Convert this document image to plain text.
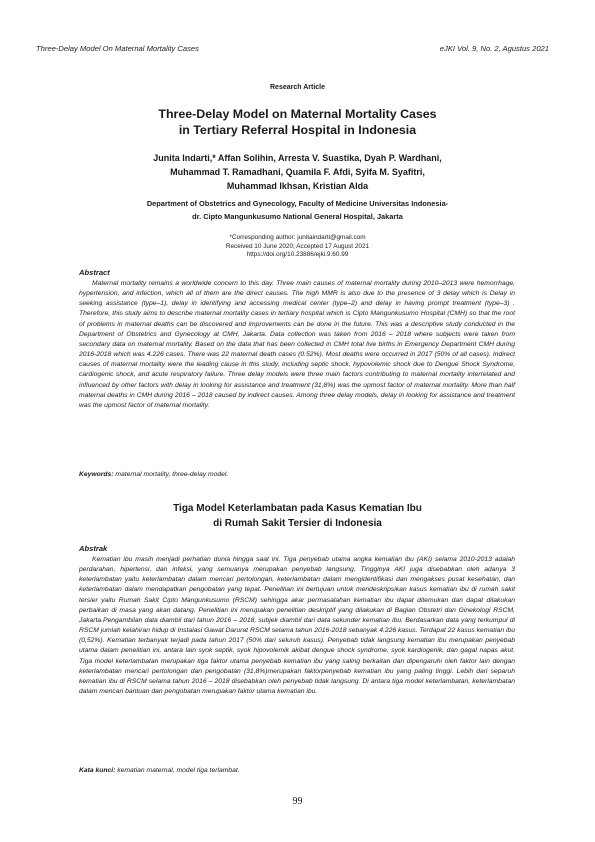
Three-Delay Model On Maternal Mortality Cases	eJKI Vol. 9, No. 2, Agustus 2021
Research Article
Three-Delay Model on Maternal Mortality Cases
in Tertiary Referral Hospital in Indonesia
Junita Indarti,* Affan Solihin, Arresta V. Suastika, Dyah P. Wardhani,
Muhammad T. Ramadhani, Quamila F. Afdi, Syifa M. Syafitri,
Muhammad Ikhsan, Kristian Alda
Department of Obstetrics and Gynecology, Faculty of Medicine Universitas Indonesia-
dr. Cipto Mangunkusumo National General Hospital, Jakarta
*Corresponding author: junitaindarti@gmail.com
Received 10 June 2020; Accepted 17 August 2021
https://doi.org/10.23886/ejki.9.60.99
Abstract

Maternal mortality remains a worldwide concern to this day. Three main causes of maternal mortality during 2010–2013 were hemorrhage, hypertension, and infection, which all of them are the direct causes. The high MMR is also due to the presence of 3 delay which is Delay in seeking assistance (type–1), delay in identifying and accessing medical center (type–2) and delay in having prompt treatment (type–3) . Therefore, this study aims to describe maternal mortality cases in tertiary hospital which is Cipto Mangunkusumo Hospital (CMH) so that the root of problems in maternal deaths can be discovered and improvements can be done in the future. This was a descriptive study conducted in the Department of Obstetrics and Gynecology at CMH, Jakarta. Data collection was taken from 2016 – 2018 where subjects were taken from secondary data on maternal mortality. Based on the data that has been collected in CMH total live births in Emergency Department CMH during 2016-2018 which was 4.226 cases. There was 22 maternal death cases (0.52%). Most deaths were occurred in 2017 (50% of all cases). Indirect causes of maternal mortality were the leading cause in this study, including septic shock, hypovolemic shock due to Dengue Shock Syndrome, cardiogenic shock, and acute respiratory failure. Three delay models were three main factors contributing to maternal mortality interrelated and influenced by other factors with delay in looking for assistance and treatment (31,8%) was the upmost factor of maternal mortality. More than half maternal deaths in CMH during 2016 – 2018 caused by indirect causes. Among three delay models, delay in looking for assistance and treatment was the upmost factor of maternal mortality.

Keywords: maternal mortality, three-delay model.
Tiga Model Keterlambatan pada Kasus Kematian Ibu
di Rumah Sakit Tersier di Indonesia
Abstrak

Kematian ibu masih menjadi perhatian dunia hingga saat ini. Tiga penyebab utama angka kematian ibu (AKI) selama 2010-2013 adalah perdarahan, hipertensi, dan infeksi, yang semuanya merupakan penyebab langsung. Tingginya AKI juga disebabkan oleh adanya 3 keterlambatan yaitu keterlambatan dalam mencari pertolongan, keterlambatan dalam mengidentifikasi dan mengakses pusat kesehatan, dan keterlambatan dalam mendapatkan pengobatan yang tepat. Penelitian ini bertujuan untuk mendeskripsikan kasus kematian ibu di rumah sakit tersier yaitu Rumah Sakit Cipto Mangunkusumo (RSCM) sehingga akar permasalahan kematian ibu dapat ditemukan dan dapat dilakukan perbaikan di masa yang akan datang. Penelitian ini merupakan penelitian deskriptif yang dilakukan di Bagian Obstetri dan Ginekologi RSCM, Jakarta.Pengambilan data diambil dari tahun 2016 – 2018, subjek diambil dari data sekunder kematian ibu. Berdasarkan data yang terkumpul di RSCM jumlah kelahiran hidup di Instalasi Gawat Darurat RSCM selama tahun 2016-2018 sebanyak 4.226 kasus. Terdapat 22 kasus kematian ibu (0,52%). Kematian terbanyak terjadi pada tahun 2017 (50% dari seluruh kasus). Penyebab tidak langsung kematian ibu merupakan penyebab utama dalam penelitian ini, antara lain syok septik, syok hipovolemik akibat dengue shock syndrome, syok kardiogenik, dan gagal napas akut. Tiga model keterlambatan merupakan tiga faktor utama penyebab kematian ibu yang saling berkaitan dan dipengaruhi oleh faktor lain dengan keterlambatan mencari pertolongan dan pengobatan (31,8%)merupakan faktorpenyebab kematian ibu yang paling tinggi. Lebih dari separuh kematian ibu di RSCM selama tahun 2016 – 2018 disebabkan oleh penyebab tidak langsung. Di antara tiga model keterlambatan, keterlambatan dalam mencari bantuan dan pengobatan merupakan faktor utama kematian ibu.

Kata kunci: kematian maternal, model tiga terlambat.
99
